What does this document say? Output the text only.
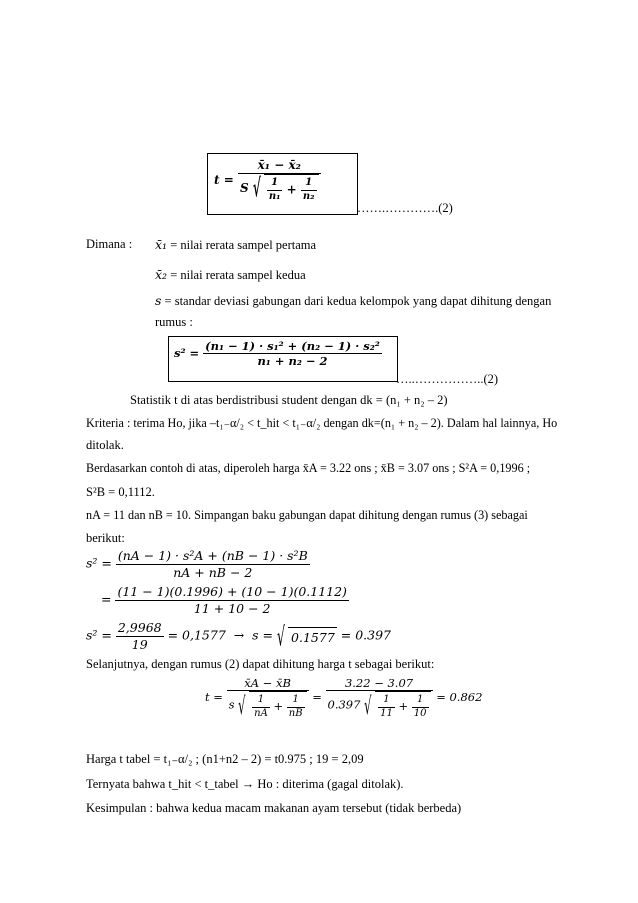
$t = \frac{\text{x̄₁ − x̄₂}}{S √ \frac{1}{\text{n₁}} + \frac{1}{\text{n₂}}}$
…….………….(2)
Dimana : x̄₁ = nilai rerata sampel pertama
x̄₂ = nilai rerata sampel kedua
s = standar deviasi gabungan dari kedua kelompok yang dapat dihitung dengan
rumus :
$s^2 = \frac{\text{(n₁ − 1) · s₁² + (n₂ − 1) · s₂²}}{\text{n₁ + n₂ − 2}}$
…..……………..(2)
Statistik t di atas berdistribusi student dengan dk = (n₁ + n₂ – 2)
Kriteria : terima Ho, jika –t₁₋α/₂ < t_hit < t₁₋α/₂ dengan dk=(n₁ + n₂ – 2). Dalam hal lainnya, Ho
ditolak.
Berdasarkan contoh di atas, diperoleh harga x̄A = 3.22 ons ; x̄B = 3.07 ons ; S²A = 0,1996 ;
S²B = 0,1112.
nA = 11 dan nB = 10. Simpangan baku gabungan dapat dihitung dengan rumus (3) sebagai
berikut:
$s^2 = \frac{\text{(nA − 1) · s²A + (nB − 1) · s²B}}{nA + nB - 2}$
= $\frac{(11 - 1)(0.1996) + (10 - 1)(0.1112)}{11 + 10 - 2}$
$s^2 = \frac{2,9968}{19} = 0,1577 \to s$ = √ 0.1577 = 0.397
Selanjutnya, dengan rumus (2) dapat dihitung harga t sebagai berikut:
$t = \frac{x̄A - x̄B}{s √ \frac{1}{nA} + \frac{1}{nB}} = \frac{3.22 - 3.07}{0.397 √ \frac{1}{11} + \frac{1}{10}} = 0.862$
Harga t tabel = t₁₋α/₂ ; (n1+n2 – 2) = t0.975 ; 19 = 2,09
Ternyata bahwa t_hit < t_tabel → Ho : diterima (gagal ditolak).
Kesimpulan : bahwa kedua macam makanan ayam tersebut (tidak berbeda)
